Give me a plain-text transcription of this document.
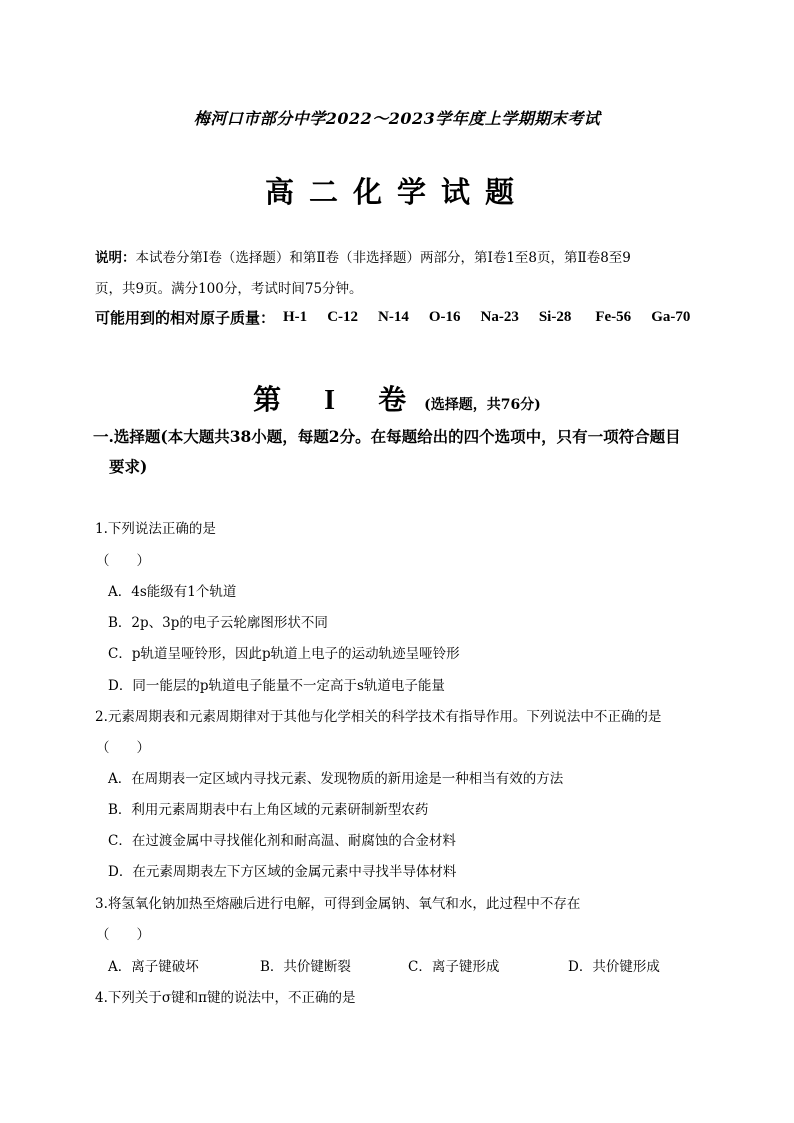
梅河口市部分中学2022～2023学年度上学期期末考试
高二化学试题
说明：本试卷分第Ⅰ卷（选择题）和第Ⅱ卷（非选择题）两部分，第Ⅰ卷1至8页，第Ⅱ卷8至9
页，共9页。满分100分，考试时间75分钟。
可能用到的相对原子质量： H-1 C-12 N-14 O-16 Na-23 Si-28 Fe-56 Ga-70
第 I 卷(选择题，共76分)
一.选择题(本大题共38小题，每题2分。在每题给出的四个选项中，只有一项符合题目
要求)
1.下列说法正确的是
（　　）
A．4s能级有1个轨道
B．2p、3p的电子云轮廓图形状不同
C．p轨道呈哑铃形，因此p轨道上电子的运动轨迹呈哑铃形
D．同一能层的p轨道电子能量不一定高于s轨道电子能量
2.元素周期表和元素周期律对于其他与化学相关的科学技术有指导作用。下列说法中不正确的是
（　　）
A．在周期表一定区域内寻找元素、发现物质的新用途是一种相当有效的方法
B．利用元素周期表中右上角区域的元素研制新型农药
C．在过渡金属中寻找催化剂和耐高温、耐腐蚀的合金材料
D．在元素周期表左下方区域的金属元素中寻找半导体材料
3.将氢氧化钠加热至熔融后进行电解，可得到金属钠、氧气和水，此过程中不存在
（　　）
A．离子键破坏	B．共价键断裂	C．离子键形成	D．共价键形成
4.下列关于σ键和π键的说法中，不正确的是
